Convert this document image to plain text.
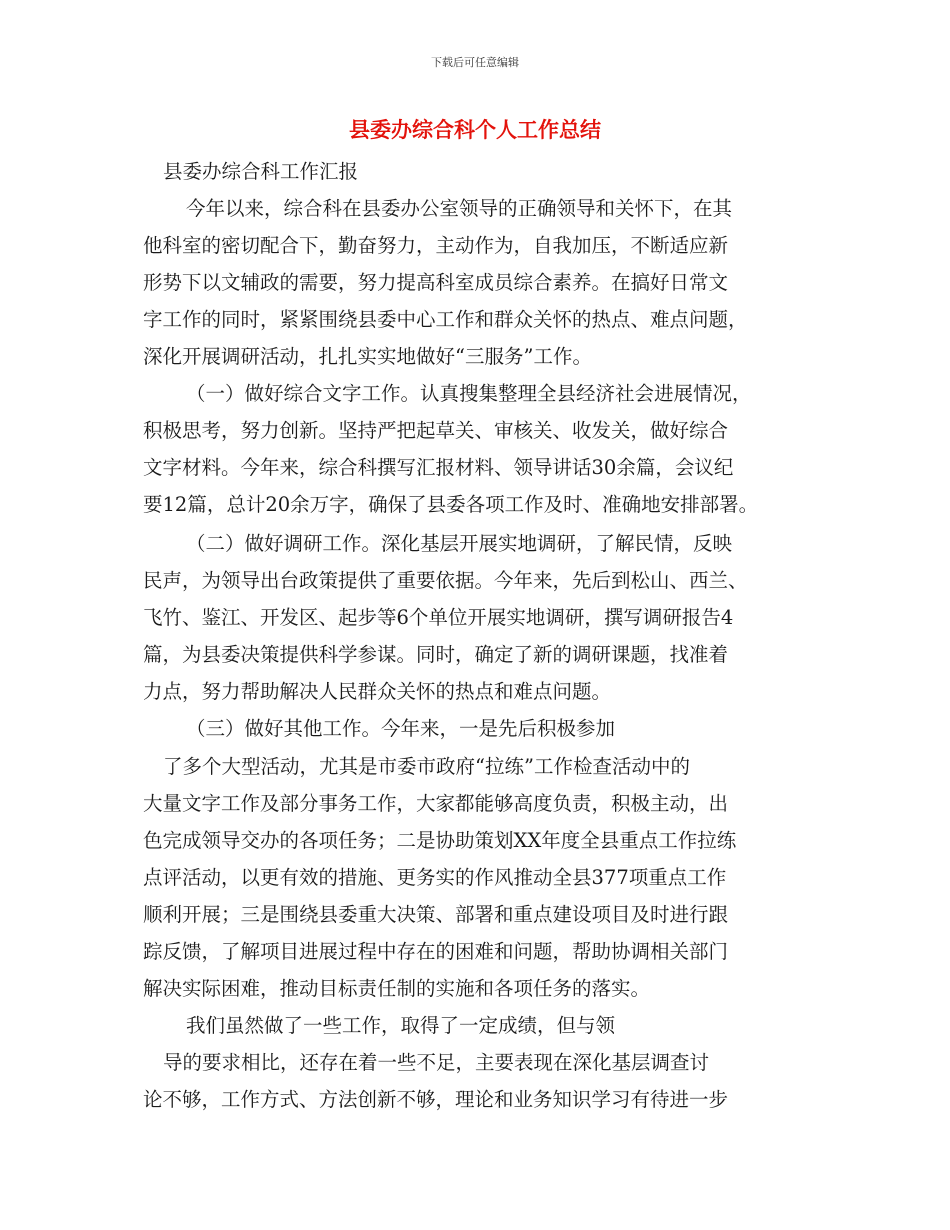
下载后可任意编辑
县委办综合科个人工作总结
县委办综合科工作汇报
今年以来，综合科在县委办公室领导的正确领导和关怀下，在其
他科室的密切配合下，勤奋努力，主动作为，自我加压，不断适应新
形势下以文辅政的需要，努力提高科室成员综合素养。在搞好日常文
字工作的同时，紧紧围绕县委中心工作和群众关怀的热点、难点问题，
深化开展调研活动，扎扎实实地做好“三服务”工作。
（一）做好综合文字工作。认真搜集整理全县经济社会进展情况，
积极思考，努力创新。坚持严把起草关、审核关、收发关，做好综合
文字材料。今年来，综合科撰写汇报材料、领导讲话30余篇，会议纪
要12篇，总计20余万字，确保了县委各项工作及时、准确地安排部署。
（二）做好调研工作。深化基层开展实地调研，了解民情，反映
民声，为领导出台政策提供了重要依据。今年来，先后到松山、西兰、
飞竹、鉴江、开发区、起步等6个单位开展实地调研，撰写调研报告4
篇，为县委决策提供科学参谋。同时，确定了新的调研课题，找准着
力点，努力帮助解决人民群众关怀的热点和难点问题。
（三）做好其他工作。今年来，一是先后积极参加
了多个大型活动，尤其是市委市政府“拉练”工作检查活动中的
大量文字工作及部分事务工作，大家都能够高度负责，积极主动，出
色完成领导交办的各项任务；二是协助策划XX年度全县重点工作拉练
点评活动，以更有效的措施、更务实的作风推动全县377项重点工作
顺利开展；三是围绕县委重大决策、部署和重点建设项目及时进行跟
踪反馈，了解项目进展过程中存在的困难和问题，帮助协调相关部门
解决实际困难，推动目标责任制的实施和各项任务的落实。
我们虽然做了一些工作，取得了一定成绩，但与领
导的要求相比，还存在着一些不足，主要表现在深化基层调查讨
论不够，工作方式、方法创新不够，理论和业务知识学习有待进一步
